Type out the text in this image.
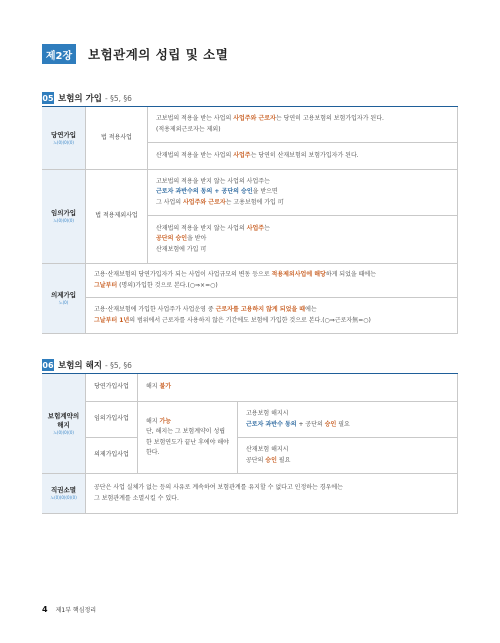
제2장	보험관계의 성립 및 소멸
05 보험의 가입 - §5, §6
당연가입
노(0)(0)(0)
법 적용사업
고보법의 적용을 받는 사업의 사업주와 근로자는 당연히 고용보험의 보험가입자가 된다.
(적용제외근로자는 제외)
산재법의 적용을 받는 사업의 사업주는 당연히 산재보험의 보험가입자가 된다.
임의가입
노(0)(0)(0)
법 적용제외사업
고보법의 적용을 받지 않는 사업의 사업주는
근로자 과반수의 동의 + 공단의 승인을 받으면
그 사업의 사업주와 근로자는 고용보험에 가입 可
산재법의 적용을 받지 않는 사업의 사업주는
공단의 승인을 받아
산재보험에 가입 可
의제가입
노(0)
고용·산재보험의 당연가입자가 되는 사업이 사업규모의 변동 등으로 적용제외사업에 해당하게 되었을 때에는
그날부터 (명의)가입한 것으로 본다.(○⇒×=○)
고용·산재보험에 가입한 사업주가 사업운영 중 근로자를 고용하지 않게 되었을 때에는
그날부터 1년의 범위에서 근로자를 사용하지 않은 기간에도 보험에 가입한 것으로 본다.(○⇒근로자無=○)
06 보험의 해지 - §5, §6
보험계약의
해지
노(0)(0)(0)
당연가입사업	해지 불가
임의가입사업
의제가입사업
해지 가능
단, 해지는 그 보험계약이 성립한 보험연도가 끝난 후에야 해야 한다.
고용보험 해지시
근로자 과반수 동의 + 공단의 승인 필요
산재보험 해지시
공단의 승인 필요
직권소멸
노(0)(0)(0)(0)
공단은 사업 실체가 없는 등의 사유로 계속하여 보험관계를 유지할 수 없다고 인정하는 경우에는
그 보험관계를 소멸시킬 수 있다.
4 제1부 핵심정리
